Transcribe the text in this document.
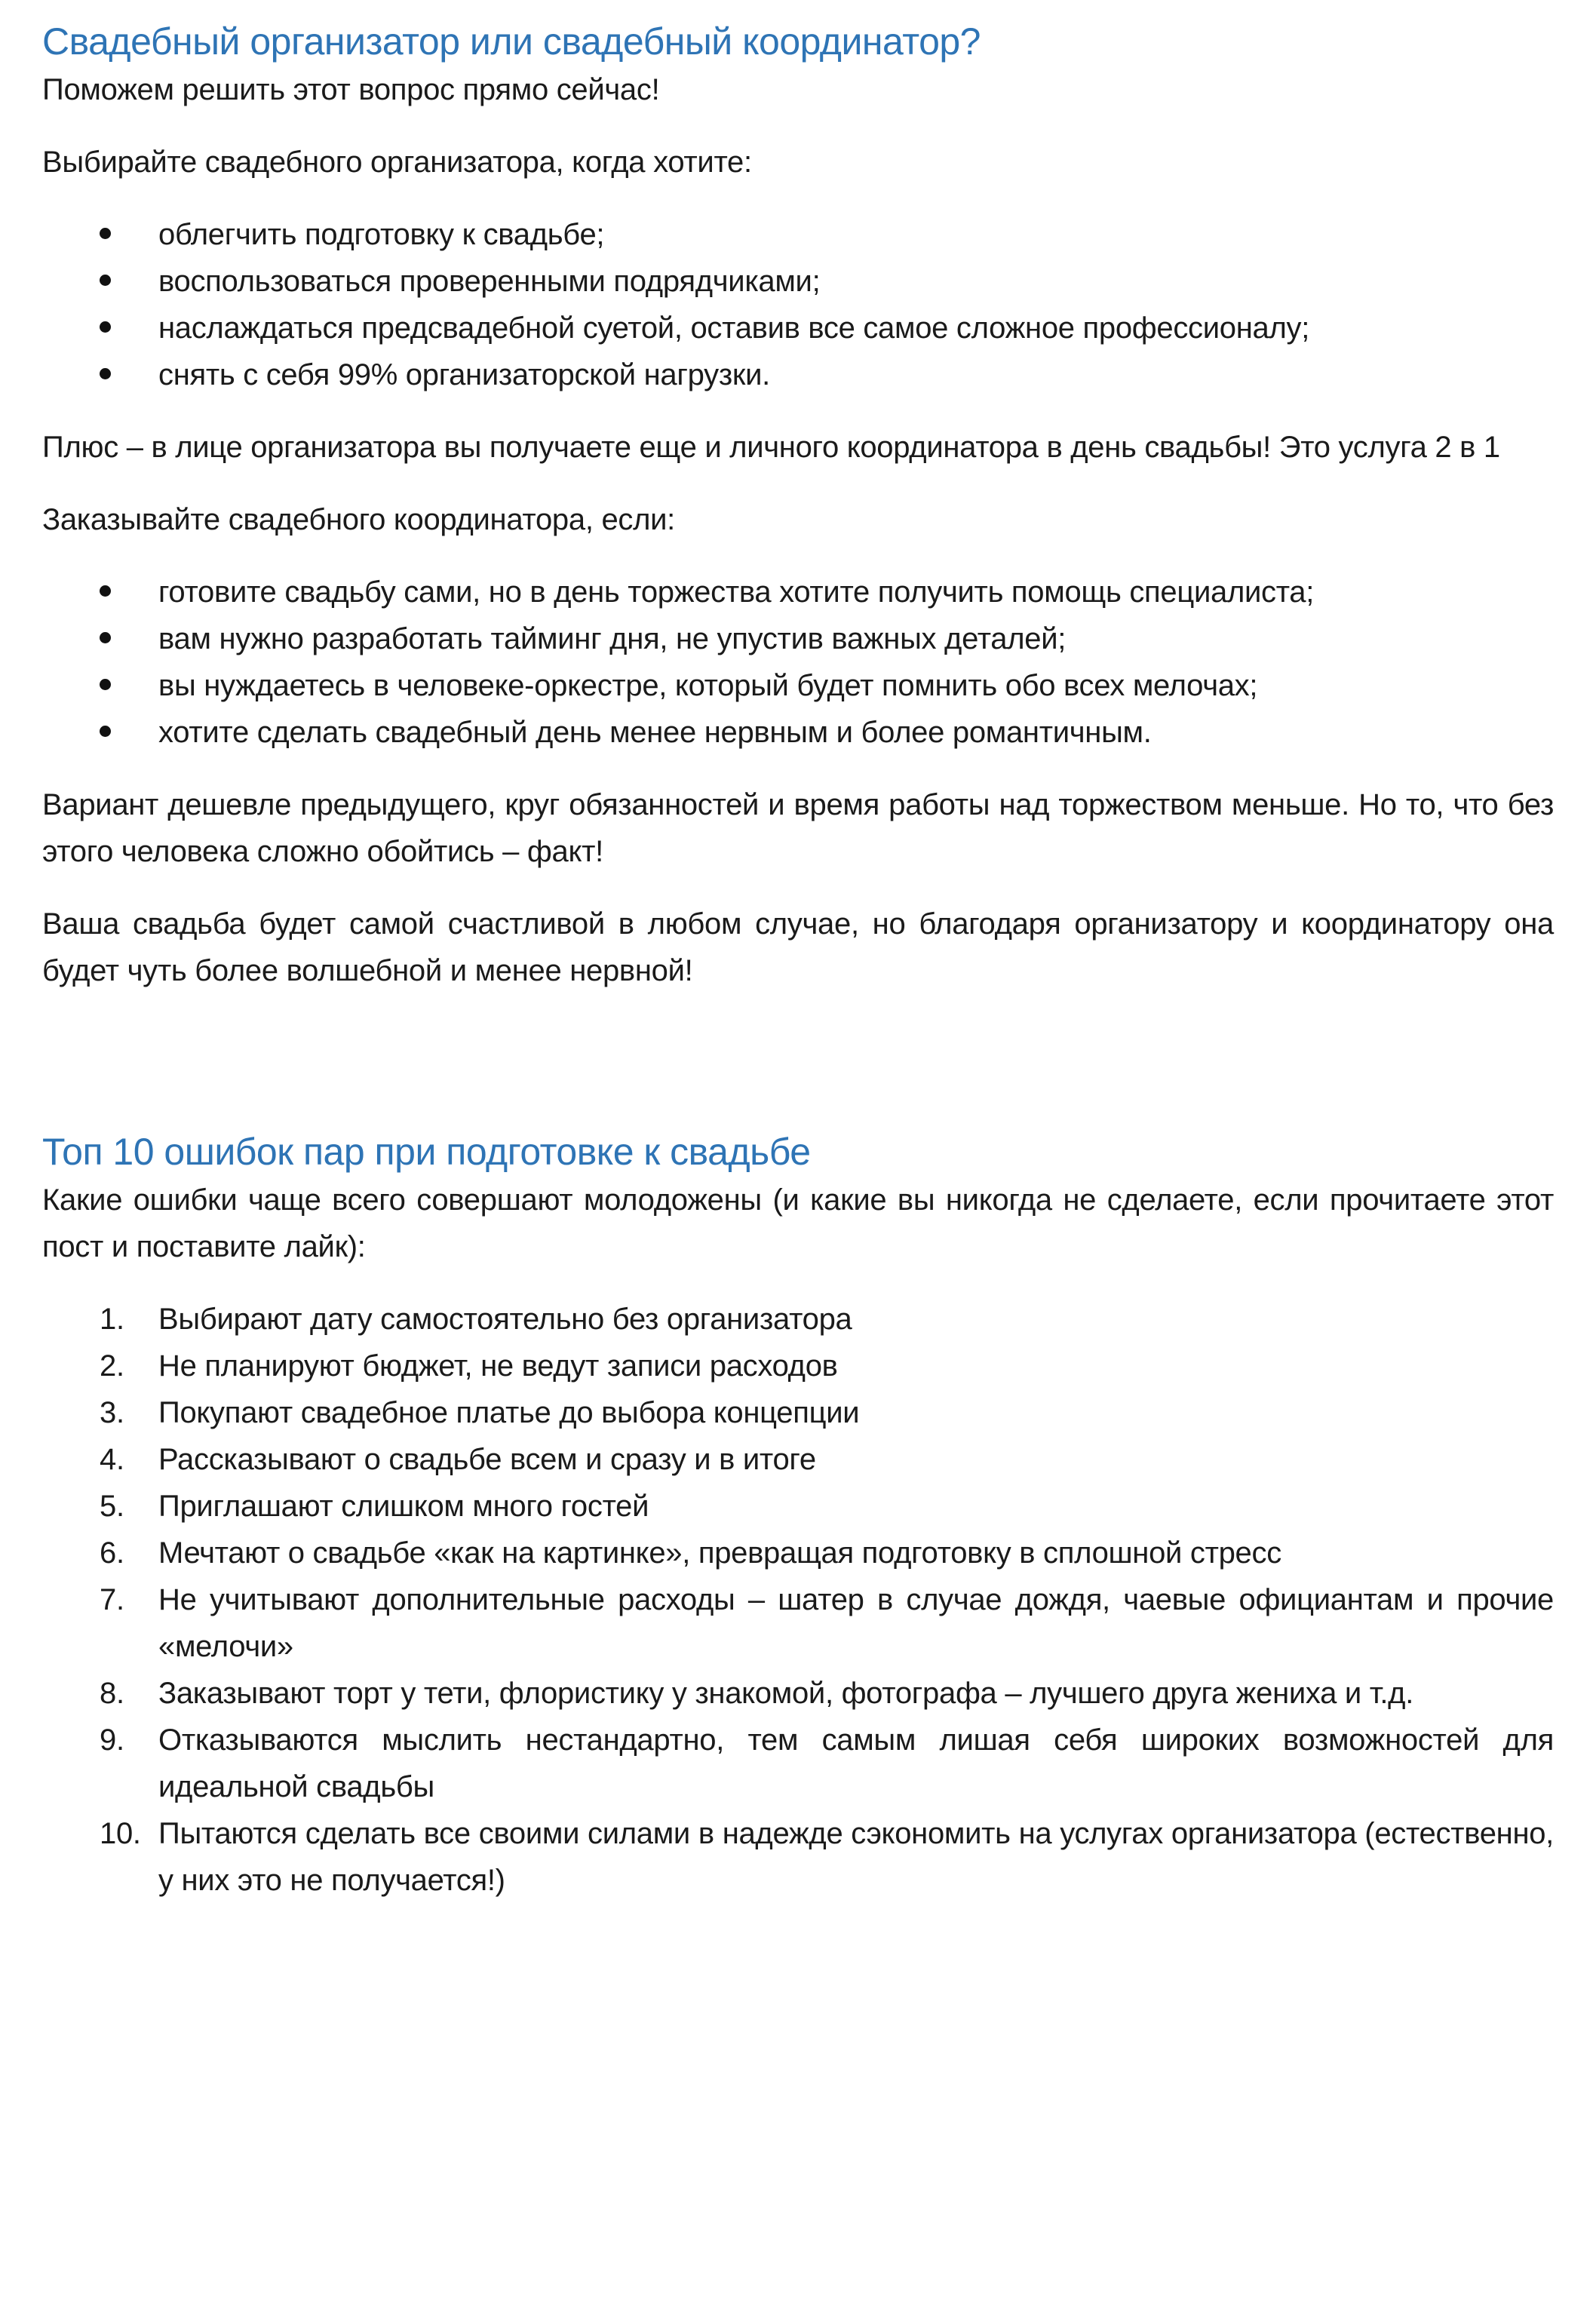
Свадебный организатор или свадебный координатор?

Поможем решить этот вопрос прямо сейчас!

Выбирайте свадебного организатора, когда хотите:

облегчить подготовку к свадьбе;
воспользоваться проверенными подрядчиками;
наслаждаться предсвадебной суетой, оставив все самое сложное профессионалу;
снять с себя 99% организаторской нагрузки.

Плюс – в лице организатора вы получаете еще и личного координатора в день свадьбы! Это услуга 2 в 1

Заказывайте свадебного координатора, если:

готовите свадьбу сами, но в день торжества хотите получить помощь специалиста;
вам нужно разработать тайминг дня, не упустив важных деталей;
вы нуждаетесь в человеке-оркестре, который будет помнить обо всех мелочах;
хотите сделать свадебный день менее нервным и более романтичным.

Вариант дешевле предыдущего, круг обязанностей и время работы над торжеством меньше. Но то, что без этого человека сложно обойтись – факт!

Ваша свадьба будет самой счастливой в любом случае, но благодаря организатору и координатору она будет чуть более волшебной и менее нервной!

Топ 10 ошибок пар при подготовке к свадьбе

Какие ошибки чаще всего совершают молодожены (и какие вы никогда не сделаете, если прочитаете этот пост и поставите лайк):

1.	Выбирают дату самостоятельно без организатора
2.	Не планируют бюджет, не ведут записи расходов
3.	Покупают свадебное платье до выбора концепции
4.	Рассказывают о свадьбе всем и сразу и в итоге
5.	Приглашают слишком много гостей
6.	Мечтают о свадьбе «как на картинке», превращая подготовку в сплошной стресс
7.	Не учитывают дополнительные расходы – шатер в случае дождя, чаевые официантам и прочие «мелочи»
8.	Заказывают торт у тети, флористику у знакомой, фотографа – лучшего друга жениха и т.д.
9.	Отказываются мыслить нестандартно, тем самым лишая себя широких возможностей для идеальной свадьбы
10. Пытаются сделать все своими силами в надежде сэкономить на услугах организатора (естественно, у них это не получается!)
